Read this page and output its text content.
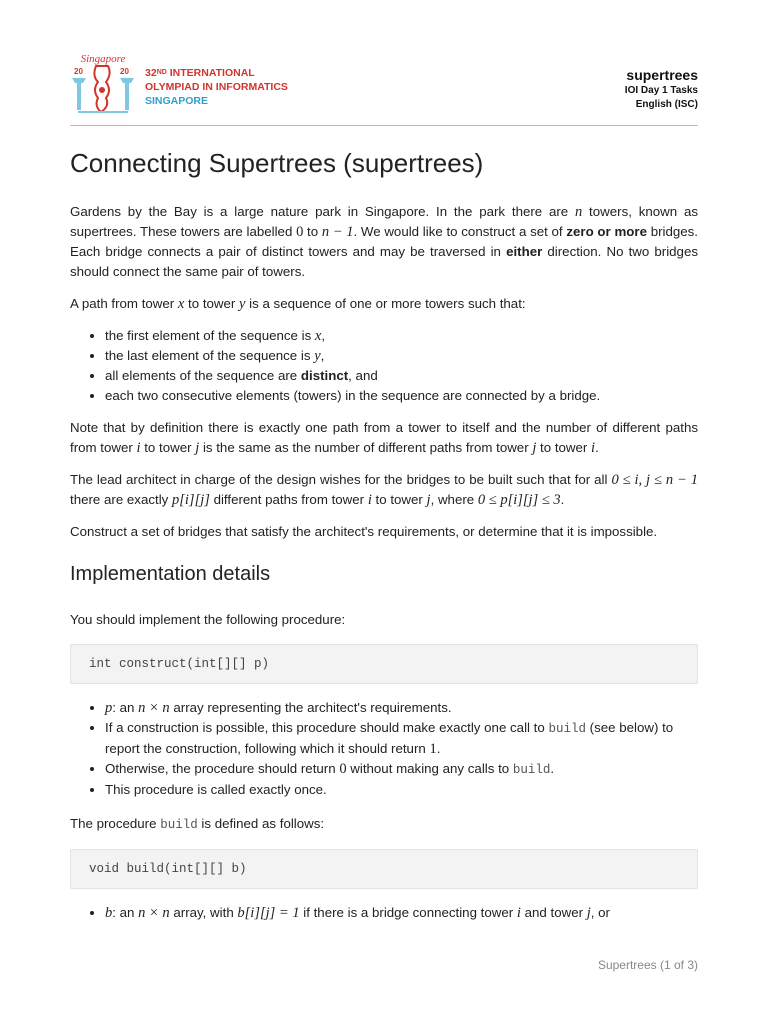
Singapore
20	20 32ND INTERNATIONAL
OLYMPIAD IN INFORMATICS
SINGAPORE
supertrees
IOI Day 1 Tasks
English (ISC)
Connecting Supertrees (supertrees)

Gardens by the Bay is a large nature park in Singapore. In the park there are n towers, known as supertrees. These towers are labelled 0 to n − 1. We would like to construct a set of zero or more bridges. Each bridge connects a pair of distinct towers and may be traversed in either direction. No two bridges should connect the same pair of towers.

A path from tower x to tower y is a sequence of one or more towers such that:

• the first element of the sequence is x,
• the last element of the sequence is y,
• all elements of the sequence are distinct, and
• each two consecutive elements (towers) in the sequence are connected by a bridge.

Note that by definition there is exactly one path from a tower to itself and the number of different paths from tower i to tower j is the same as the number of different paths from tower j to tower i.

The lead architect in charge of the design wishes for the bridges to be built such that for all 0 ≤ i, j ≤ n − 1 there are exactly p[i][j] different paths from tower i to tower j, where 0 ≤ p[i][j] ≤ 3.

Construct a set of bridges that satisfy the architect's requirements, or determine that it is impossible.

Implementation details

You should implement the following procedure:

int construct(int[][] p)
• p: an n × n array representing the architect's requirements.
• If a construction is possible, this procedure should make exactly one call to build (see below) to report the construction, following which it should return 1.
• Otherwise, the procedure should return 0 without making any calls to build.
• This procedure is called exactly once.

The procedure build is defined as follows:

void build(int[][] b)
• b: an n × n array, with b[i][j] = 1 if there is a bridge connecting tower i and tower j, or
Supertrees (1 of 3)
